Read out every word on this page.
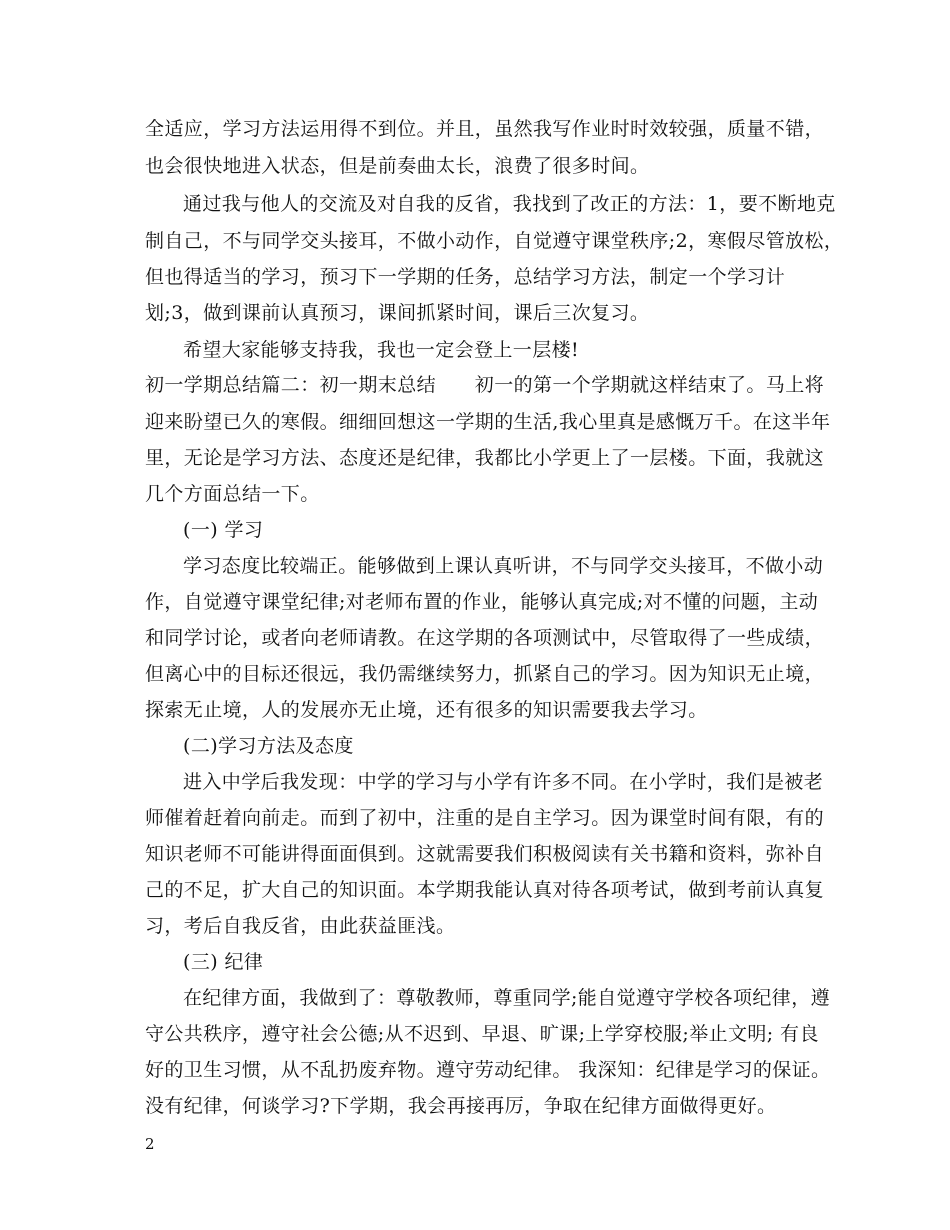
全适应，学习方法运用得不到位。并且，虽然我写作业时时效较强，质量不错，
也会很快地进入状态，但是前奏曲太长，浪费了很多时间。
通过我与他人的交流及对自我的反省，我找到了改正的方法：1，要不断地克
制自己，不与同学交头接耳，不做小动作，自觉遵守课堂秩序;2，寒假尽管放松，
但也得适当的学习，预习下一学期的任务，总结学习方法，制定一个学习计
划;3，做到课前认真预习，课间抓紧时间，课后三次复习。
希望大家能够支持我，我也一定会登上一层楼!
初一学期总结篇二：初一期末总结　　初一的第一个学期就这样结束了。马上将
迎来盼望已久的寒假。细细回想这一学期的生活,我心里真是感慨万千。在这半年
里，无论是学习方法、态度还是纪律，我都比小学更上了一层楼。下面，我就这
几个方面总结一下。
(一) 学习
学习态度比较端正。能够做到上课认真听讲，不与同学交头接耳，不做小动
作，自觉遵守课堂纪律;对老师布置的作业，能够认真完成;对不懂的问题，主动
和同学讨论，或者向老师请教。在这学期的各项测试中，尽管取得了一些成绩，
但离心中的目标还很远，我仍需继续努力，抓紧自己的学习。因为知识无止境，
探索无止境，人的发展亦无止境，还有很多的知识需要我去学习。
(二)学习方法及态度
进入中学后我发现：中学的学习与小学有许多不同。在小学时，我们是被老
师催着赶着向前走。而到了初中，注重的是自主学习。因为课堂时间有限，有的
知识老师不可能讲得面面俱到。这就需要我们积极阅读有关书籍和资料，弥补自
己的不足，扩大自己的知识面。本学期我能认真对待各项考试，做到考前认真复
习，考后自我反省，由此获益匪浅。
(三) 纪律
在纪律方面，我做到了：尊敬教师，尊重同学;能自觉遵守学校各项纪律，遵
守公共秩序，遵守社会公德;从不迟到、早退、旷课;上学穿校服;举止文明; 有良
好的卫生习惯，从不乱扔废弃物。遵守劳动纪律。 我深知：纪律是学习的保证。
没有纪律，何谈学习?下学期，我会再接再厉，争取在纪律方面做得更好。
2
